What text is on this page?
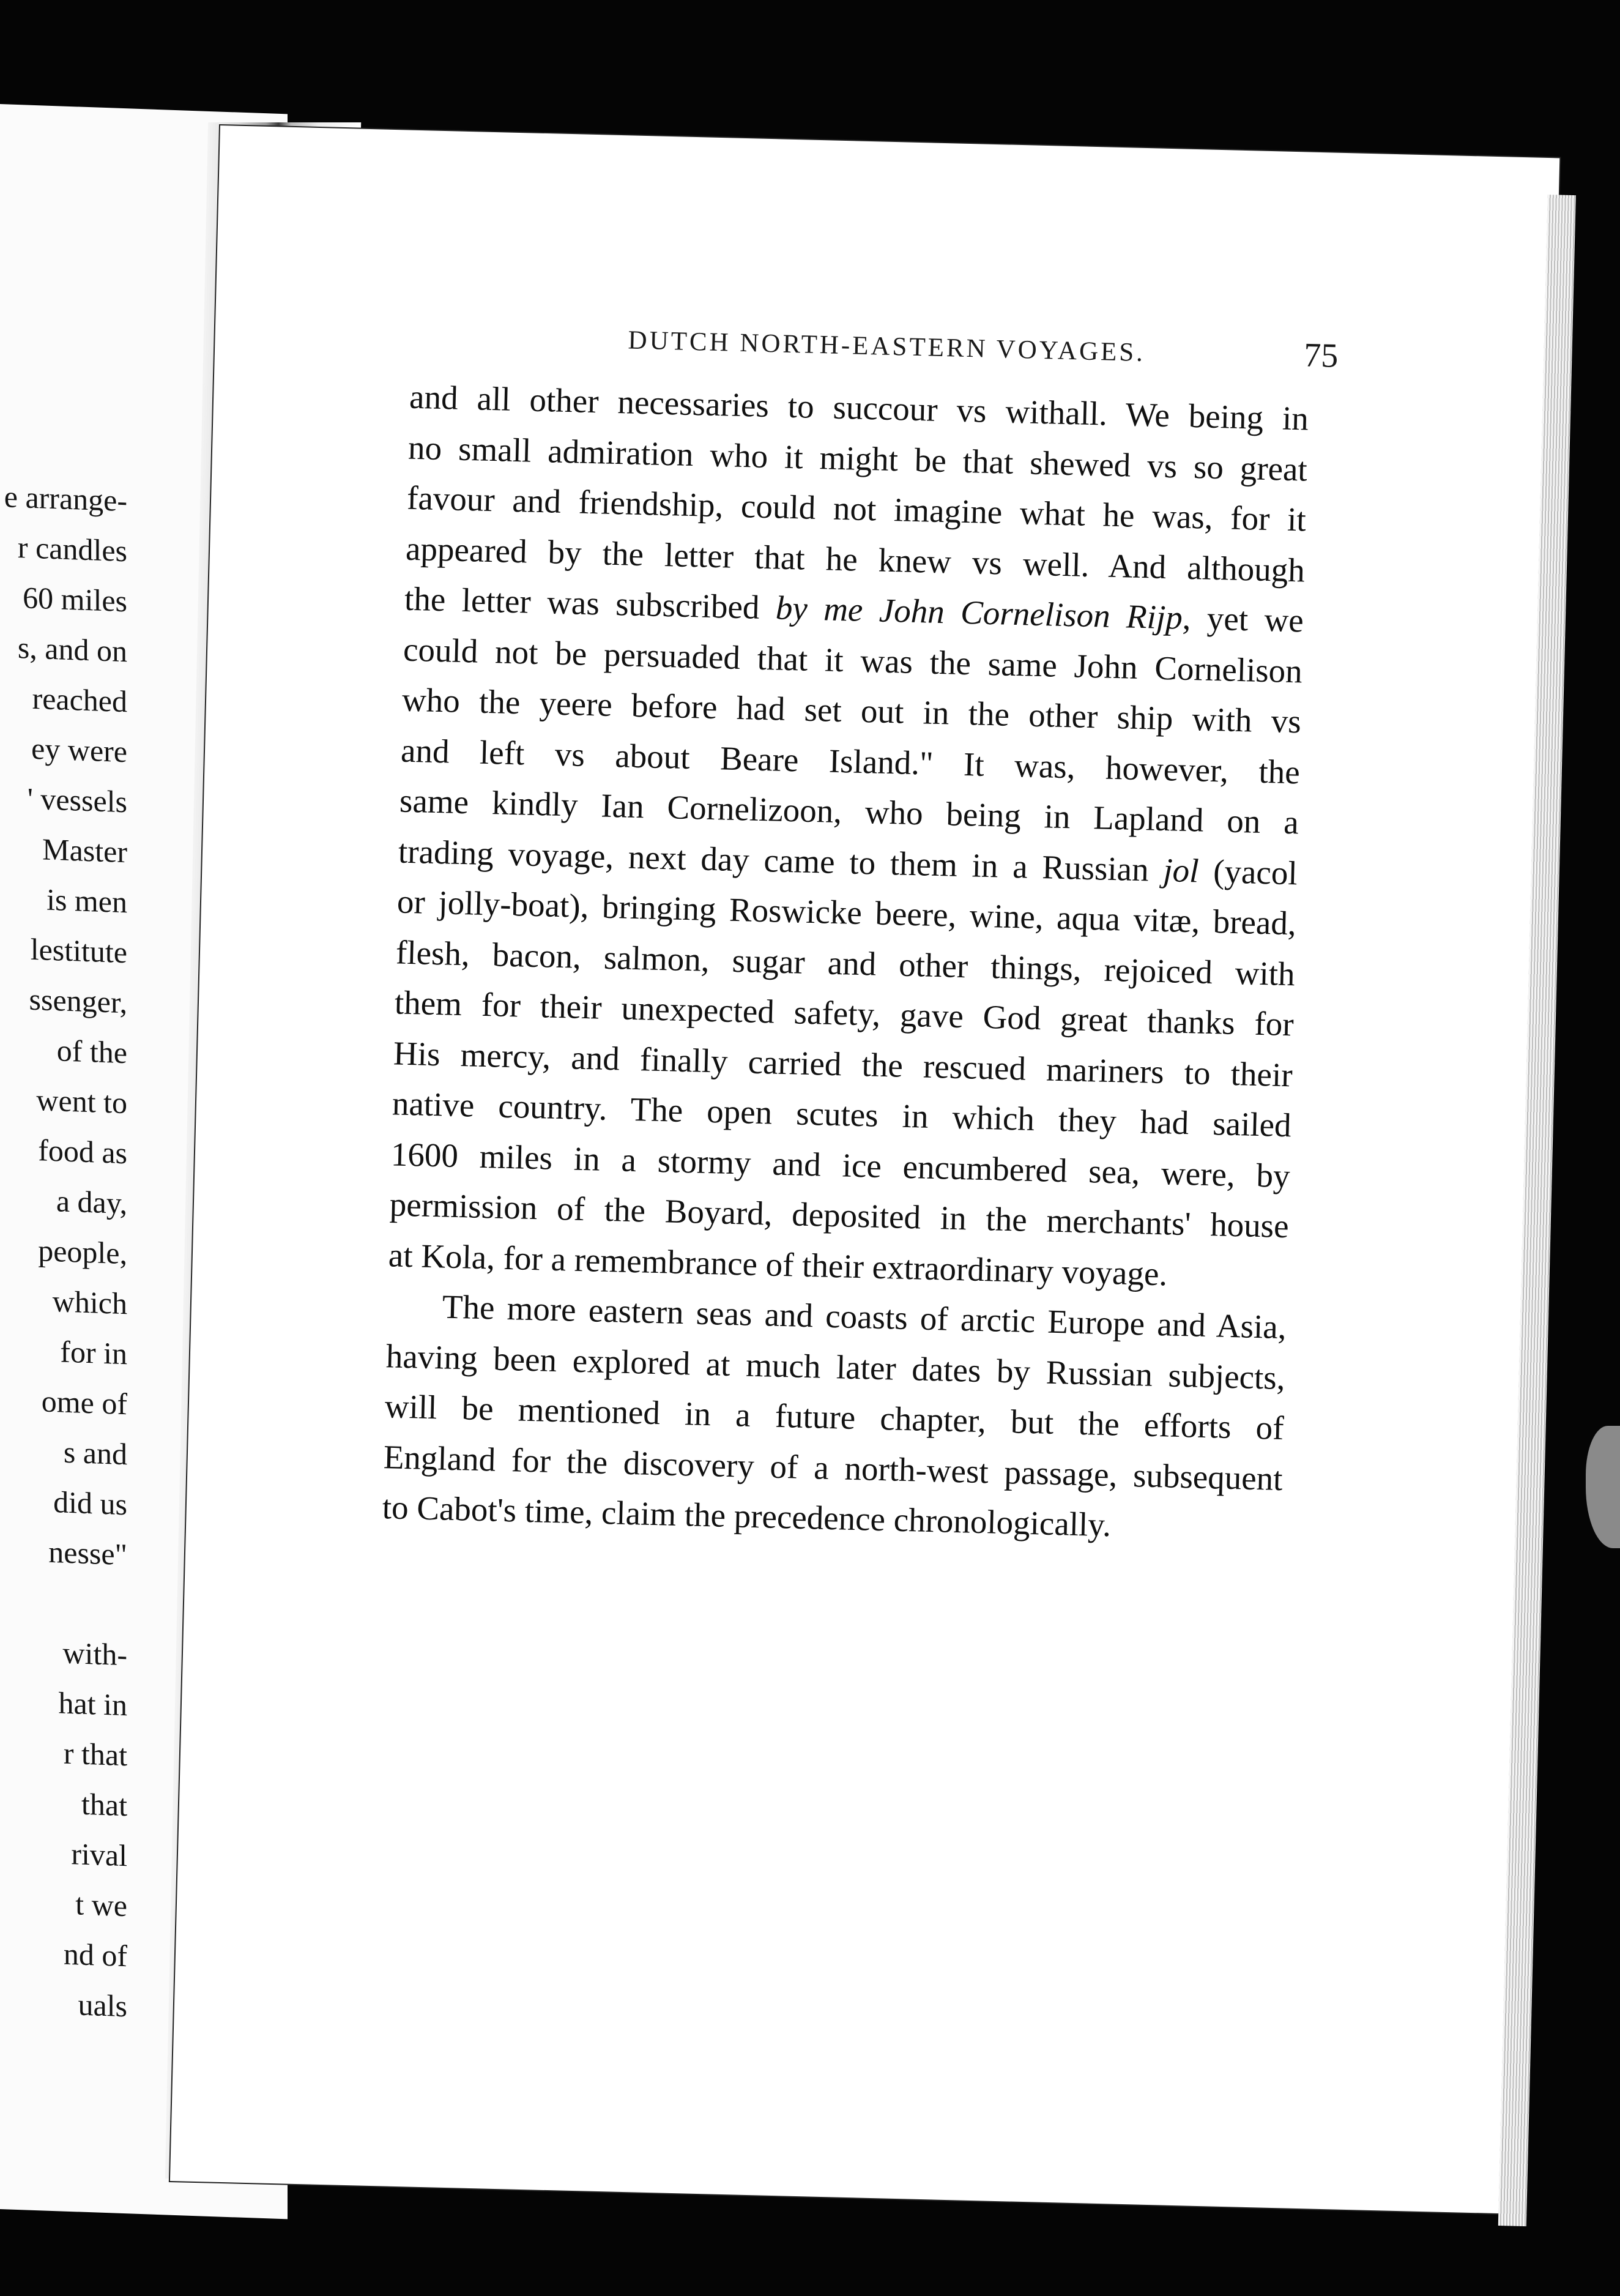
e arrange-
r candles
60 miles
s, and on
reached
ey were
' vessels
Master
is men
lestitute
ssenger,
of the
went to
food as
a day,
people,
which
for in
ome of
s and
did us
nesse"
with-
hat in
r that
that
rival
t we
nd of
uals
DUTCH NORTH-EASTERN VOYAGES.	75
and all other necessaries to succour vs withall. We being in
no small admiration who it might be that shewed vs so great
favour and friendship, could not imagine what he was, for it
appeared by the letter that he knew vs well. And although
the letter was subscribed by me John Cornelison Rijp, yet we
could not be persuaded that it was the same John Cornelison
who the yeere before had set out in the other ship with vs
and left vs about Beare Island." It was, however, the
same kindly Ian Cornelizoon, who being in Lapland on a
trading voyage, next day came to them in a Russian jol (yacol
or jolly-boat), bringing Roswicke beere, wine, aqua vitæ, bread,
flesh, bacon, salmon, sugar and other things, rejoiced with
them for their unexpected safety, gave God great thanks for
His mercy, and finally carried the rescued mariners to their
native country. The open scutes in which they had sailed
1600 miles in a stormy and ice encumbered sea, were, by
permission of the Boyard, deposited in the merchants' house
at Kola, for a remembrance of their extraordinary voyage.
The more eastern seas and coasts of arctic Europe and Asia,
having been explored at much later dates by Russian subjects,
will be mentioned in a future chapter, but the efforts of
England for the discovery of a north-west passage, subsequent
to Cabot's time, claim the precedence chronologically.
